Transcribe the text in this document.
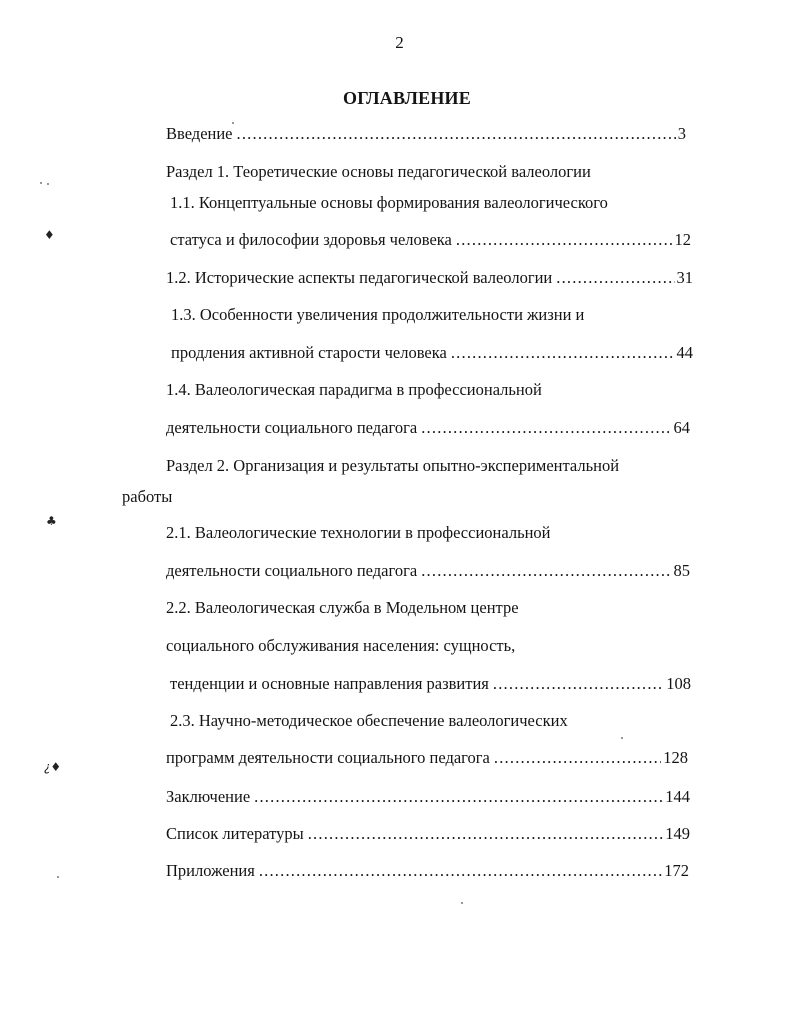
2
ОГЛАВЛЕНИЕ
Введение .....	3
Раздел 1. Теоретические основы педагогической валеологии
1.1. Концептуальные основы формирования валеологического
статуса и философии здоровья человека .....	12
1.2. Исторические аспекты педагогической валеологии .....	31
1.3. Особенности увеличения продолжительности жизни и
продления активной старости человека .....	44
1.4. Валеологическая парадигма в профессиональной
деятельности социального педагога .....	64
Раздел 2. Организация и результаты опытно-экспериментальной
работы
2.1. Валеологические технологии в профессиональной
деятельности социального педагога .....	85
2.2. Валеологическая служба в Модельном центре
социального обслуживания населения: сущность,
тенденции и основные направления развития .....	108
2.3. Научно-методическое обеспечение валеологических
программ деятельности социального педагога .....	128
Заключение .....	144
Список литературы .....	149
Приложения .....	172
♦
♣
¿♦
